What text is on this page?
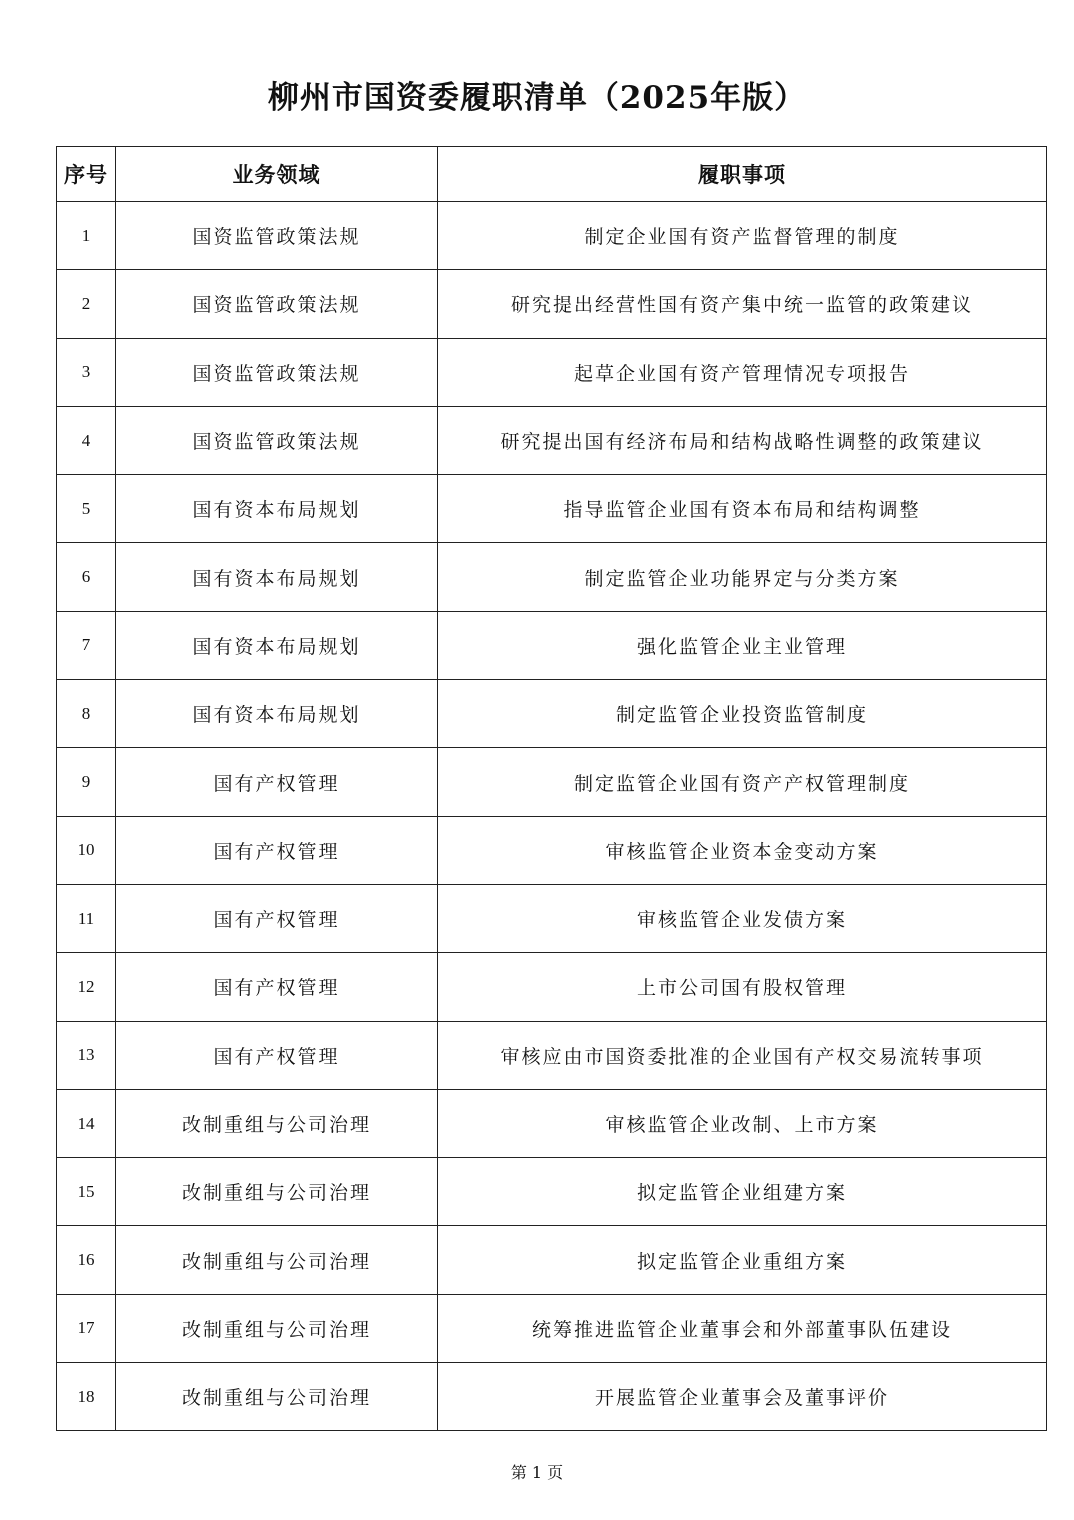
柳州市国资委履职清单（2025年版）
序号	业务领域	履职事项
1	国资监管政策法规	制定企业国有资产监督管理的制度
2	国资监管政策法规	研究提出经营性国有资产集中统一监管的政策建议
3	国资监管政策法规	起草企业国有资产管理情况专项报告
4	国资监管政策法规	研究提出国有经济布局和结构战略性调整的政策建议
5	国有资本布局规划	指导监管企业国有资本布局和结构调整
6	国有资本布局规划	制定监管企业功能界定与分类方案
7	国有资本布局规划	强化监管企业主业管理
8	国有资本布局规划	制定监管企业投资监管制度
9	国有产权管理	制定监管企业国有资产产权管理制度
10	国有产权管理	审核监管企业资本金变动方案
11	国有产权管理	审核监管企业发债方案
12	国有产权管理	上市公司国有股权管理
13	国有产权管理	审核应由市国资委批准的企业国有产权交易流转事项
14	改制重组与公司治理	审核监管企业改制、上市方案
15	改制重组与公司治理	拟定监管企业组建方案
16	改制重组与公司治理	拟定监管企业重组方案
17	改制重组与公司治理	统筹推进监管企业董事会和外部董事队伍建设
18	改制重组与公司治理	开展监管企业董事会及董事评价
第 1 页
